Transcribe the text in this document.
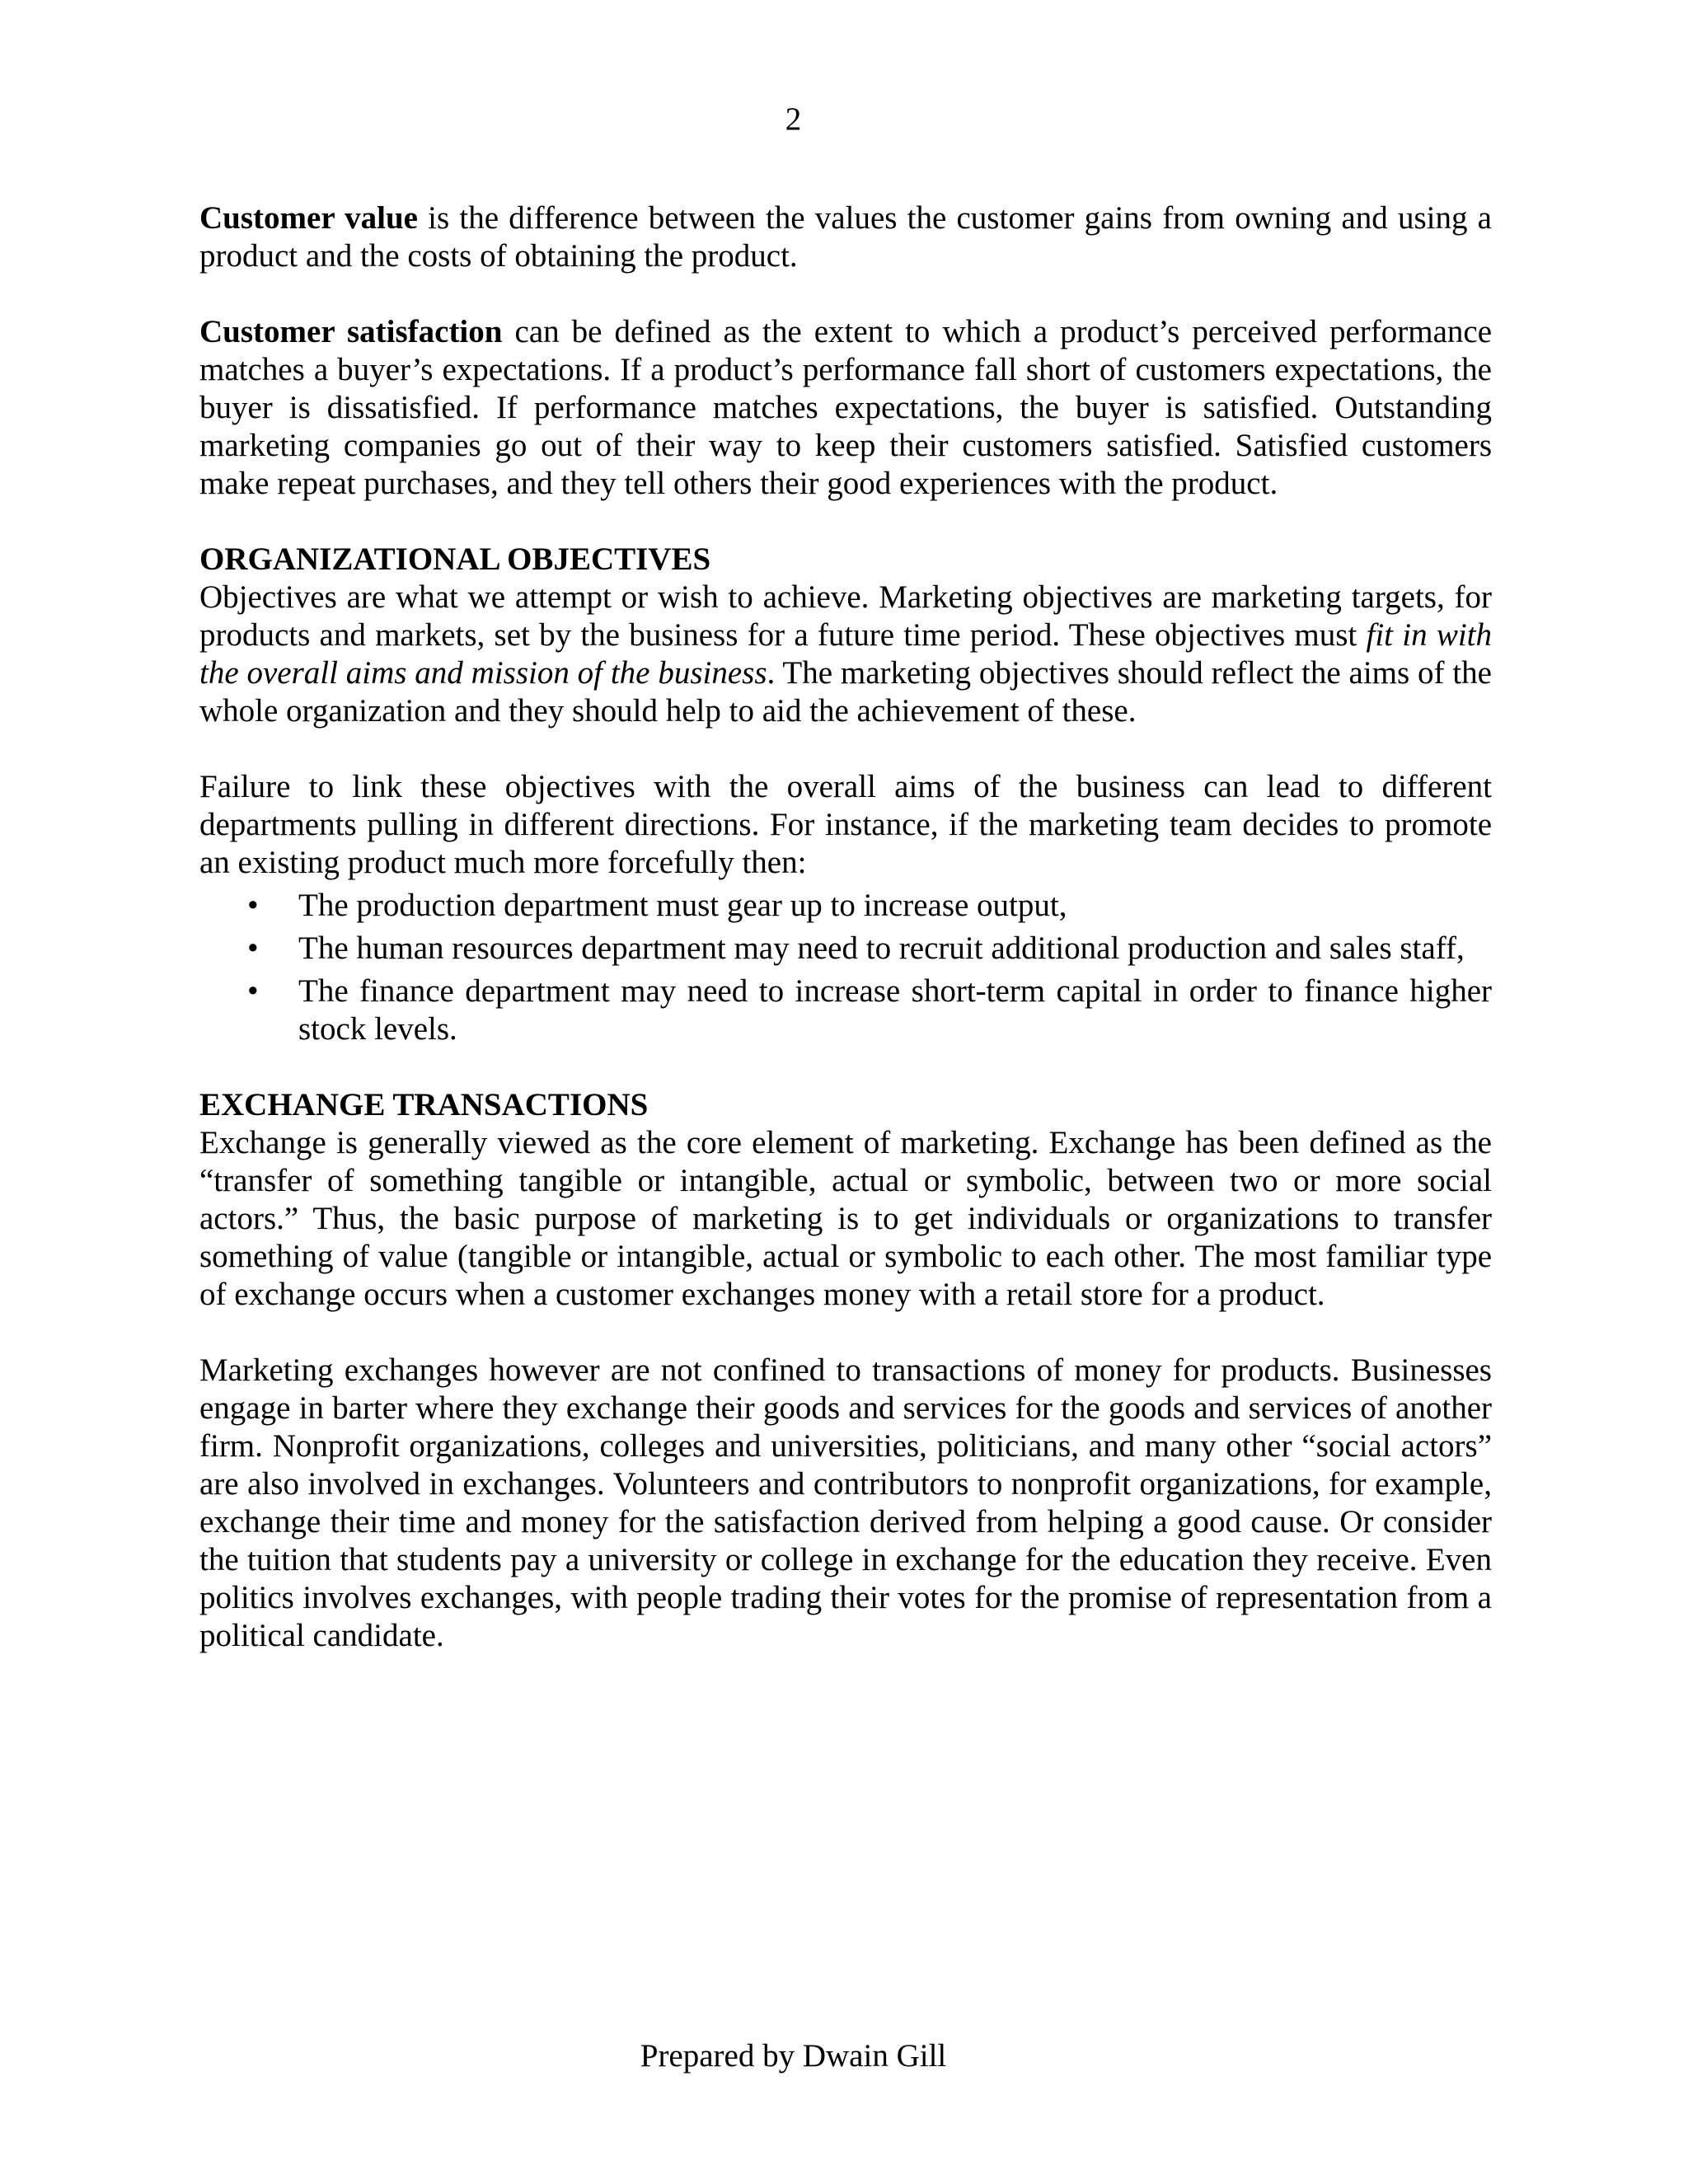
2

Customer value is the difference between the values the customer gains from owning and using a product and the costs of obtaining the product.

Customer satisfaction can be defined as the extent to which a product’s perceived performance matches a buyer’s expectations. If a product’s performance fall short of customers expectations, the buyer is dissatisfied. If performance matches expectations, the buyer is satisfied. Outstanding marketing companies go out of their way to keep their customers satisfied. Satisfied customers make repeat purchases, and they tell others their good experiences with the product.

ORGANIZATIONAL OBJECTIVES

Objectives are what we attempt or wish to achieve. Marketing objectives are marketing targets, for products and markets, set by the business for a future time period. These objectives must fit in with the overall aims and mission of the business. The marketing objectives should reflect the aims of the whole organization and they should help to aid the achievement of these.

Failure to link these objectives with the overall aims of the business can lead to different departments pulling in different directions. For instance, if the marketing team decides to promote an existing product much more forcefully then:

• The production department must gear up to increase output,
• The human resources department may need to recruit additional production and sales staff,
• The finance department may need to increase short-term capital in order to finance higher stock levels.
EXCHANGE TRANSACTIONS

Exchange is generally viewed as the core element of marketing. Exchange has been defined as the “transfer of something tangible or intangible, actual or symbolic, between two or more social actors.” Thus, the basic purpose of marketing is to get individuals or organizations to transfer something of value (tangible or intangible, actual or symbolic to each other. The most familiar type of exchange occurs when a customer exchanges money with a retail store for a product.

Marketing exchanges however are not confined to transactions of money for products. Businesses engage in barter where they exchange their goods and services for the goods and services of another firm. Nonprofit organizations, colleges and universities, politicians, and many other “social actors” are also involved in exchanges. Volunteers and contributors to nonprofit organizations, for example, exchange their time and money for the satisfaction derived from helping a good cause. Or consider the tuition that students pay a university or college in exchange for the education they receive. Even politics involves exchanges, with people trading their votes for the promise of representation from a political candidate.

Prepared by Dwain Gill
